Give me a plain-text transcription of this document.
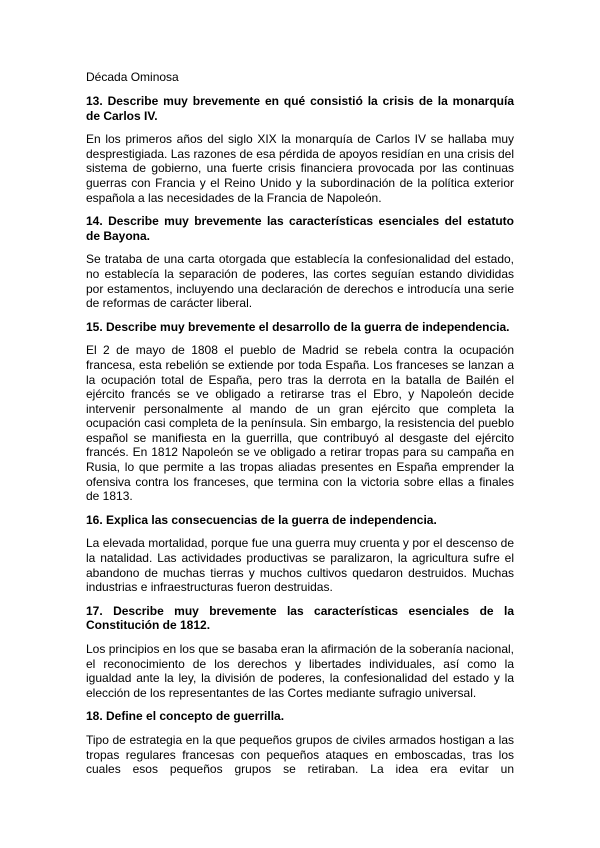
Década Ominosa
13. Describe muy brevemente en qué consistió la crisis de la monarquía de Carlos IV.
En los primeros años del siglo XIX la monarquía de Carlos IV se hallaba muy desprestigiada. Las razones de esa pérdida de apoyos residían en una crisis del sistema de gobierno, una fuerte crisis financiera provocada por las continuas guerras con Francia y el Reino Unido y la subordinación de la política exterior española a las necesidades de la Francia de Napoleón.
14. Describe muy brevemente las características esenciales del estatuto de Bayona.
Se trataba de una carta otorgada que establecía la confesionalidad del estado, no establecía la separación de poderes, las cortes seguían estando divididas por estamentos, incluyendo una declaración de derechos e introducía una serie de reformas de carácter liberal.
15. Describe muy brevemente el desarrollo de la guerra de independencia.
El 2 de mayo de 1808 el pueblo de Madrid se rebela contra la ocupación francesa, esta rebelión se extiende por toda España. Los franceses se lanzan a la ocupación total de España, pero tras la derrota en la batalla de Bailén el ejército francés se ve obligado a retirarse tras el Ebro, y Napoleón decide intervenir personalmente al mando de un gran ejército que completa la ocupación casi completa de la península. Sin embargo, la resistencia del pueblo español se manifiesta en la guerrilla, que contribuyó al desgaste del ejército francés. En 1812 Napoleón se ve obligado a retirar tropas para su campaña en Rusia, lo que permite a las tropas aliadas presentes en España emprender la ofensiva contra los franceses, que termina con la victoria sobre ellas a finales de 1813.
16. Explica las consecuencias de la guerra de independencia.
La elevada mortalidad, porque fue una guerra muy cruenta y por el descenso de la natalidad. Las actividades productivas se paralizaron, la agricultura sufre el abandono de muchas tierras y muchos cultivos quedaron destruidos. Muchas industrias e infraestructuras fueron destruidas.
17. Describe muy brevemente las características esenciales de la Constitución de 1812.
Los principios en los que se basaba eran la afirmación de la soberanía nacional, el reconocimiento de los derechos y libertades individuales, así como la igualdad ante la ley, la división de poderes, la confesionalidad del estado y la elección de los representantes de las Cortes mediante sufragio universal.
18. Define el concepto de guerrilla.
Tipo de estrategia en la que pequeños grupos de civiles armados hostigan a las tropas regulares francesas con pequeños ataques en emboscadas, tras los cuales esos pequeños grupos se retiraban. La idea era evitar un
